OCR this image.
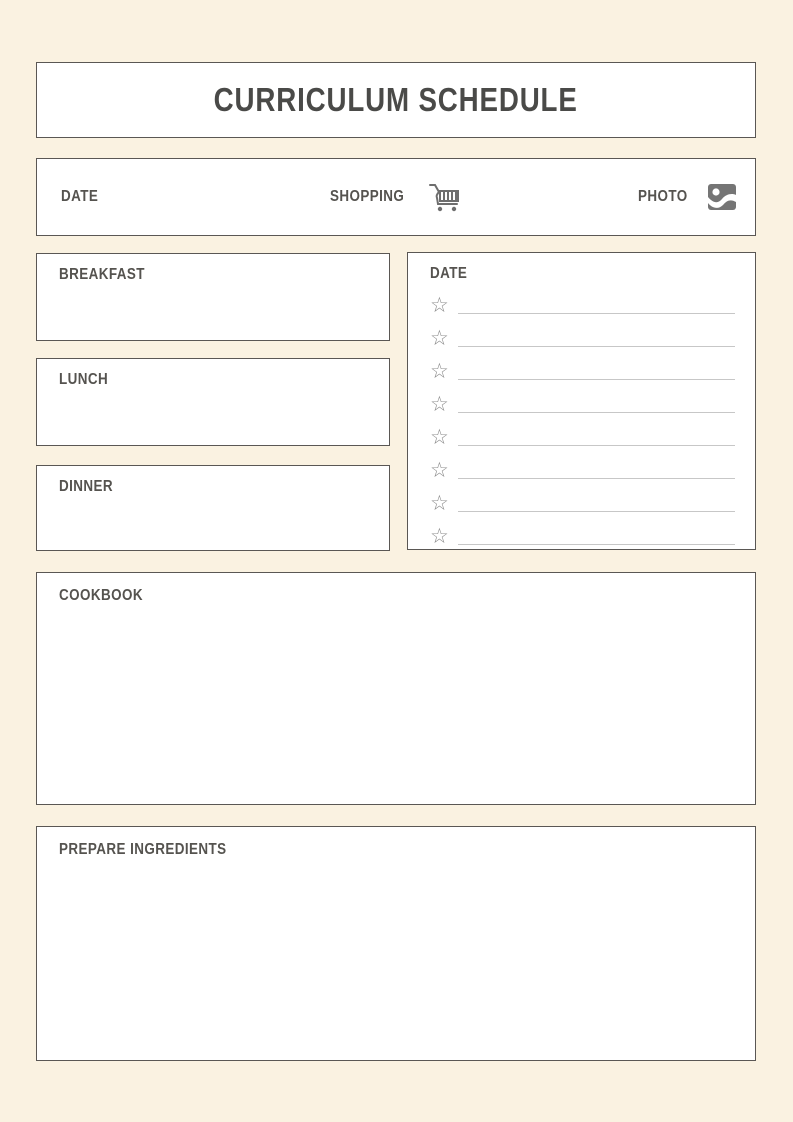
CURRICULUM SCHEDULE
DATE	SHOPPING	PHOTO
BREAKFAST
LUNCH
DINNER
DATE
☆
☆
☆
☆
☆
☆
☆
☆
COOKBOOK
PREPARE INGREDIENTS
